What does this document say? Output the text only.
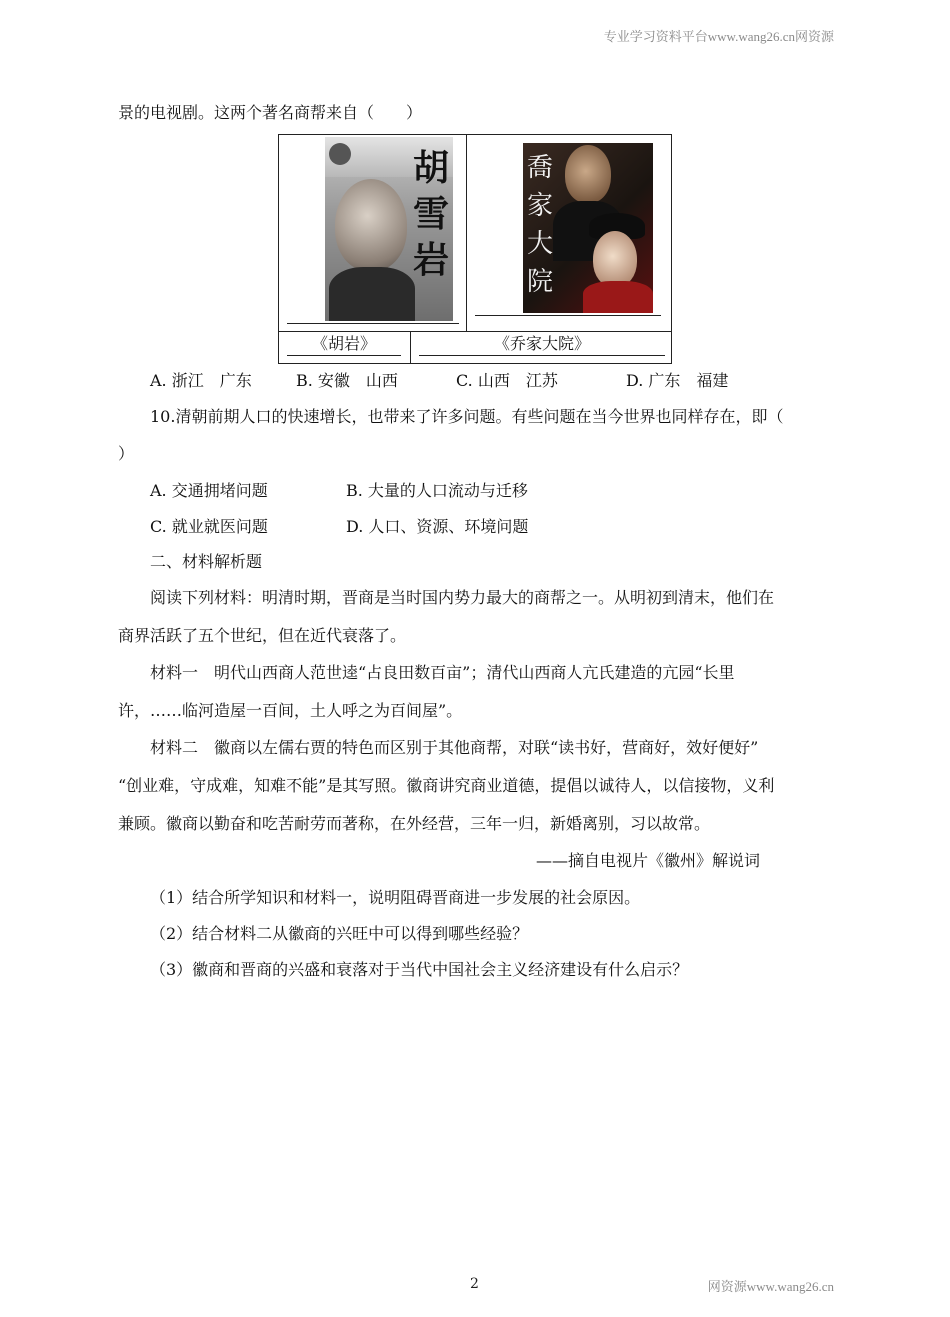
专业学习资料平台www.wang26.cn网资源
景的电视剧。这两个著名商帮来自（　　）
胡雪岩
喬家大院
《胡岩》	《乔家大院》
A. 浙江　广东	B. 安徽　山西	C. 山西　江苏	D. 广东　福建
10.清朝前期人口的快速增长，也带来了许多问题。有些问题在当今世界也同样存在，即（
）
A. 交通拥堵问题	B. 大量的人口流动与迁移
C. 就业就医问题	D. 人口、资源、环境问题
二、材料解析题
阅读下列材料：明清时期，晋商是当时国内势力最大的商帮之一。从明初到清末，他们在
商界活跃了五个世纪，但在近代衰落了。
材料一　明代山西商人范世逵“占良田数百亩”；清代山西商人亢氏建造的亢园“长里
许，……临河造屋一百间，土人呼之为百间屋”。
材料二　徽商以左儒右贾的特色而区别于其他商帮，对联“读书好，营商好，效好便好”
“创业难，守成难，知难不能”是其写照。徽商讲究商业道德，提倡以诚待人，以信接物，义利
兼顾。徽商以勤奋和吃苦耐劳而著称，在外经营，三年一归，新婚离别，习以故常。
——摘自电视片《徽州》解说词
（1）结合所学知识和材料一，说明阻碍晋商进一步发展的社会原因。
（2）结合材料二从徽商的兴旺中可以得到哪些经验？
（3）徽商和晋商的兴盛和衰落对于当代中国社会主义经济建设有什么启示？
2	网资源www.wang26.cn
